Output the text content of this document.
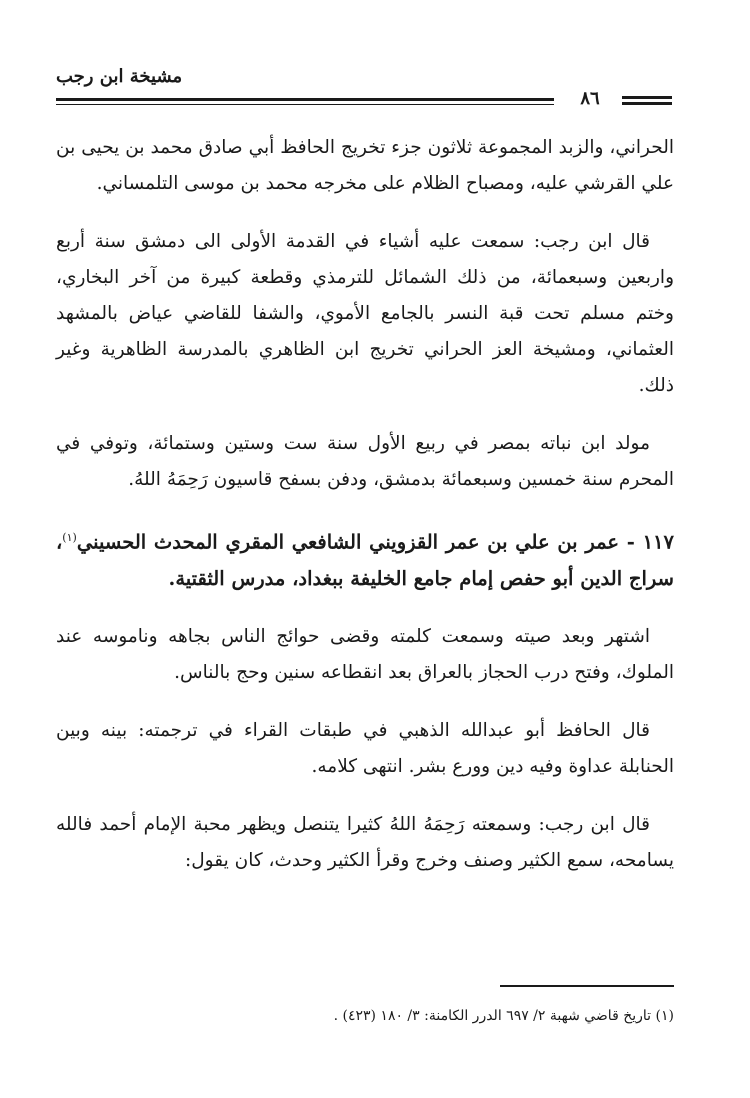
مشيخة ابن رجب
٨٦

الحراني، والزبد المجموعة ثلاثون جزء تخريج الحافظ أبي صادق محمد بن يحيى بن علي القرشي عليه، ومصباح الظلام على مخرجه محمد بن موسى التلمساني.

قال ابن رجب: سمعت عليه أشياء في القدمة الأولى الى دمشق سنة أربع واربعين وسبعمائة، من ذلك الشمائل للترمذي وقطعة كبيرة من آخر البخاري، وختم مسلم تحت قبة النسر بالجامع الأموي، والشفا للقاضي عياض بالمشهد العثماني، ومشيخة العز الحراني تخريج ابن الظاهري بالمدرسة الظاهرية وغير ذلك.

مولد ابن نباته بمصر في ربيع الأول سنة ست وستين وستمائة، وتوفي في المحرم سنة خمسين وسبعمائة بدمشق، ودفن بسفح قاسيون رَحِمَهُ اللهُ.

١١٧ - عمر بن علي بن عمر القزويني الشافعي المقري المحدث الحسيني$^{(١)}$، سراج الدين أبو حفص إمام جامع الخليفة ببغداد، مدرس الثقتية.

اشتهر وبعد صيته وسمعت كلمته وقضى حوائج الناس بجاهه وناموسه عند الملوك، وفتح درب الحجاز بالعراق بعد انقطاعه سنين وحج بالناس.

قال الحافظ أبو عبدالله الذهبي في طبقات القراء في ترجمته: بينه وبين الحنابلة عداوة وفيه دين وورع بشر. انتهى كلامه.

قال ابن رجب: وسمعته رَحِمَهُ اللهُ كثيرا يتنصل ويظهر محبة الإمام أحمد فالله يسامحه، سمع الكثير وصنف وخرج وقرأ الكثير وحدث، كان يقول:

(١) تاريخ قاضي شهبة ٢/ ٦٩٧ الدرر الكامنة: ٣/ ١٨٠ (٤٢٣) .
